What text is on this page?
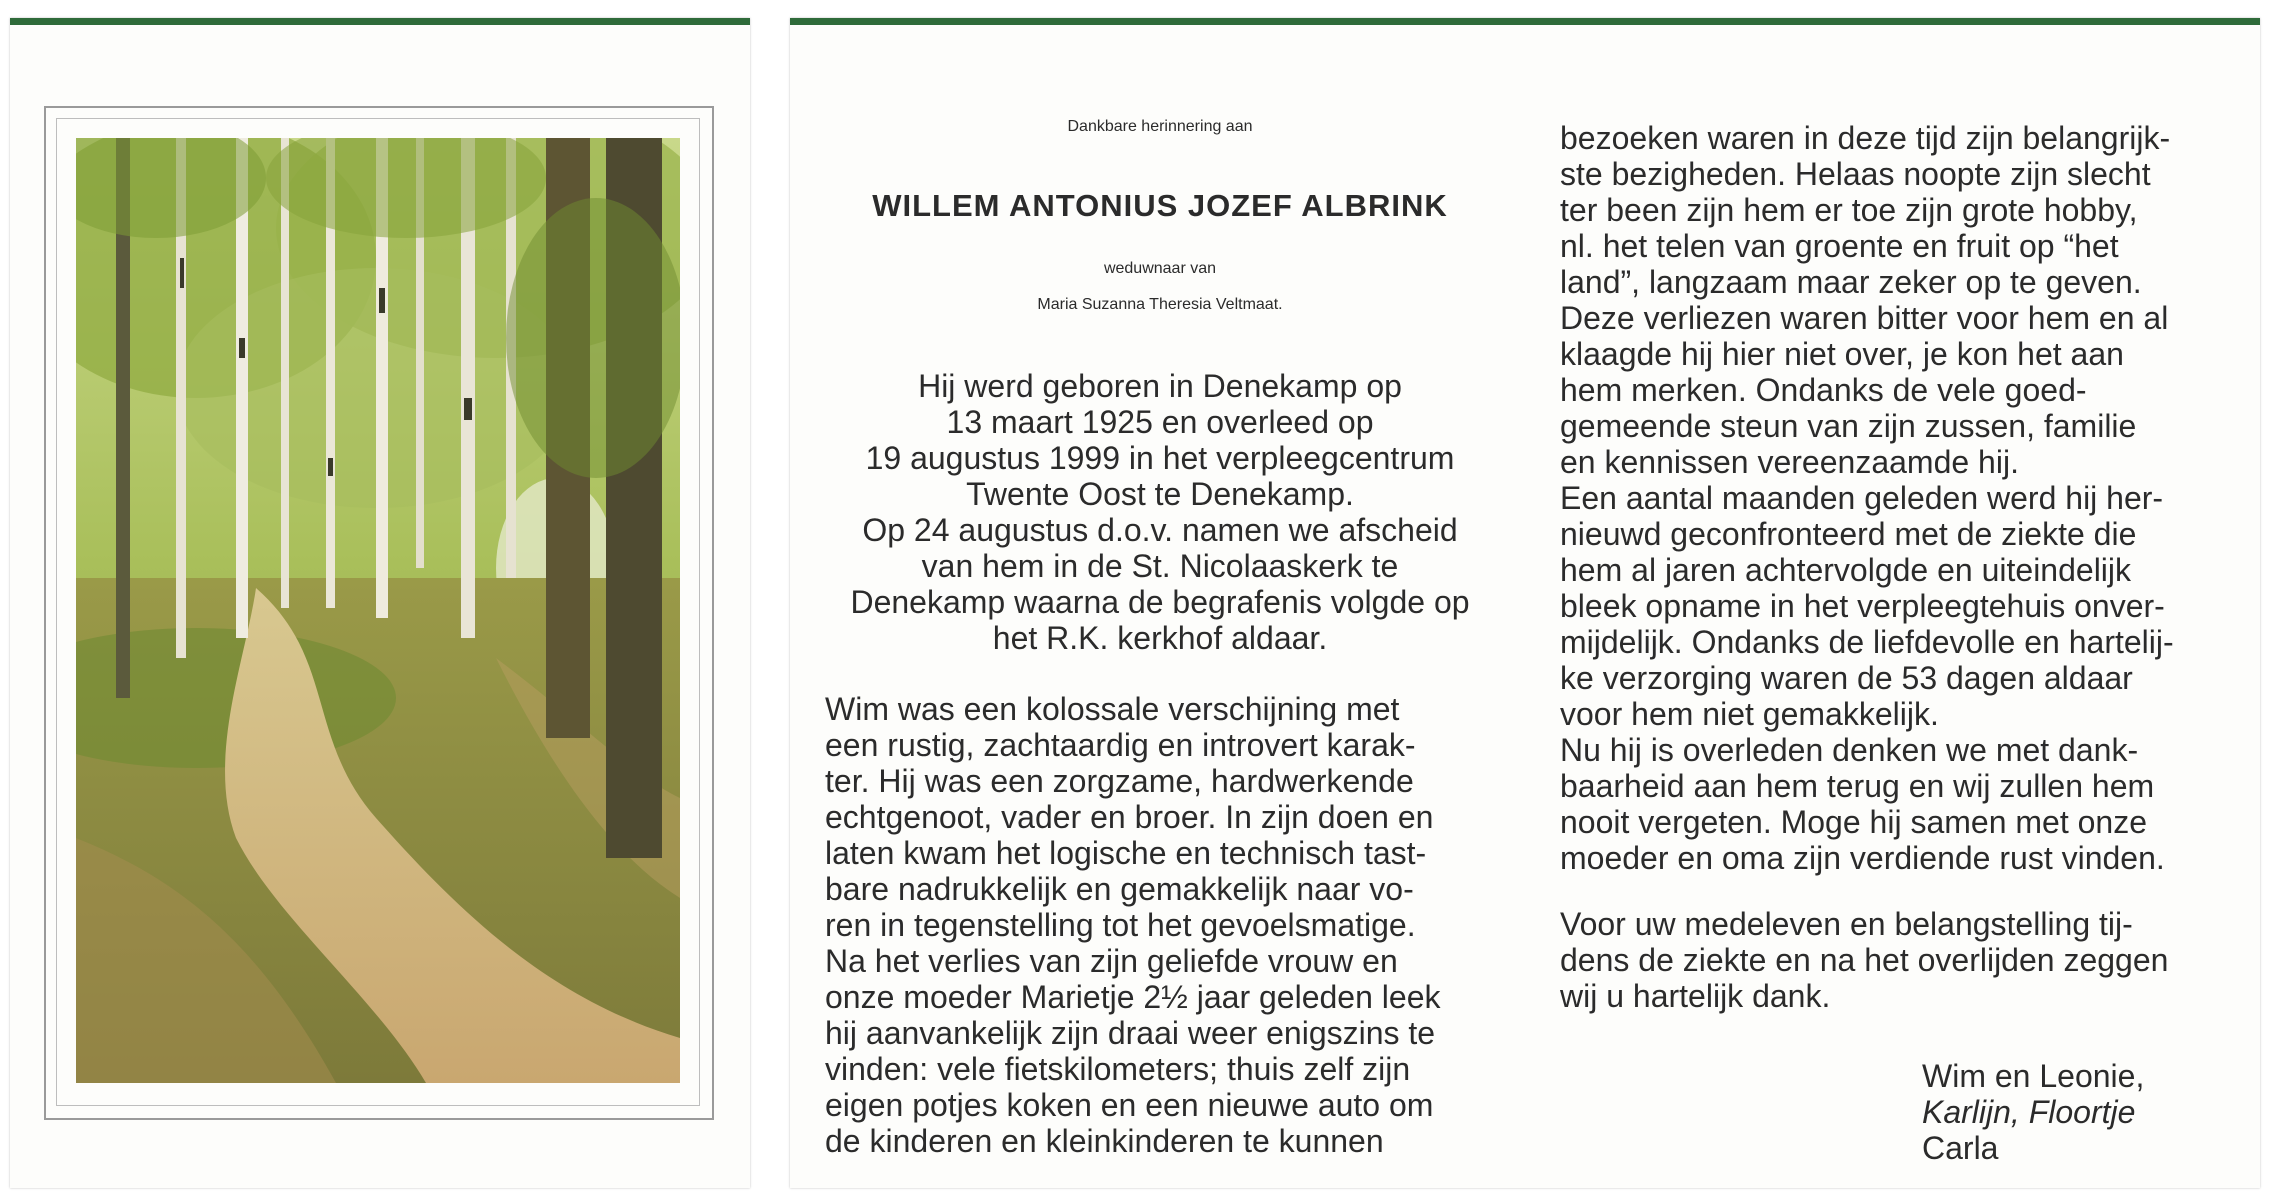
Dankbare herinnering aan
WILLEM ANTONIUS JOZEF ALBRINK
weduwnaar van
Maria Suzanna Theresia Veltmaat.
Hij werd geboren in Denekamp op
13 maart 1925 en overleed op
19 augustus 1999 in het verpleegcentrum
Twente Oost te Denekamp.
Op 24 augustus d.o.v. namen we afscheid
van hem in de St. Nicolaaskerk te
Denekamp waarna de begrafenis volgde op
het R.K. kerkhof aldaar.

Wim was een kolossale verschijning met

een rustig, zachtaardig en introvert karak-

ter. Hij was een zorgzame, hardwerkende

echtgenoot, vader en broer. In zijn doen en

laten kwam het logische en technisch tast-

bare nadrukkelijk en gemakkelijk naar vo-

ren in tegenstelling tot het gevoelsmatige.

Na het verlies van zijn geliefde vrouw en

onze moeder Marietje 2½ jaar geleden leek

hij aanvankelijk zijn draai weer enigszins te

vinden: vele fietskilometers; thuis zelf zijn

eigen potjes koken en een nieuwe auto om

de kinderen en kleinkinderen te kunnen

bezoeken waren in deze tijd zijn belangrijk-

ste bezigheden. Helaas noopte zijn slecht

ter been zijn hem er toe zijn grote hobby,

nl. het telen van groente en fruit op “het

land”, langzaam maar zeker op te geven.

Deze verliezen waren bitter voor hem en al

klaagde hij hier niet over, je kon het aan

hem merken. Ondanks de vele goed-

gemeende steun van zijn zussen, familie

en kennissen vereenzaamde hij.

Een aantal maanden geleden werd hij her-

nieuwd geconfronteerd met de ziekte die

hem al jaren achtervolgde en uiteindelijk

bleek opname in het verpleegtehuis onver-

mijdelijk. Ondanks de liefdevolle en hartelij-

ke verzorging waren de 53 dagen aldaar

voor hem niet gemakkelijk.

Nu hij is overleden denken we met dank-

baarheid aan hem terug en wij zullen hem

nooit vergeten. Moge hij samen met onze

moeder en oma zijn verdiende rust vinden.

Voor uw medeleven en belangstelling tij-

dens de ziekte en na het overlijden zeggen

wij u hartelijk dank.

Wim en Leonie,
Karlijn, Floortje
Carla
